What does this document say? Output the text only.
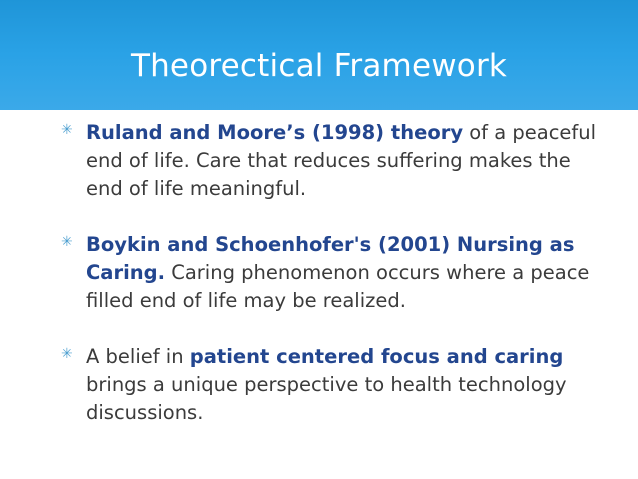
Theorectical Framework
✳ Ruland and Moore’s (1998) theory of a peaceful end of life. Care that reduces suffering makes the end of life meaningful.
✳ Boykin and Schoenhofer's (2001) Nursing as Caring. Caring phenomenon occurs where a peace filled end of life may be realized.
✳ A belief in patient centered focus and caring brings a unique perspective to health technology discussions.
